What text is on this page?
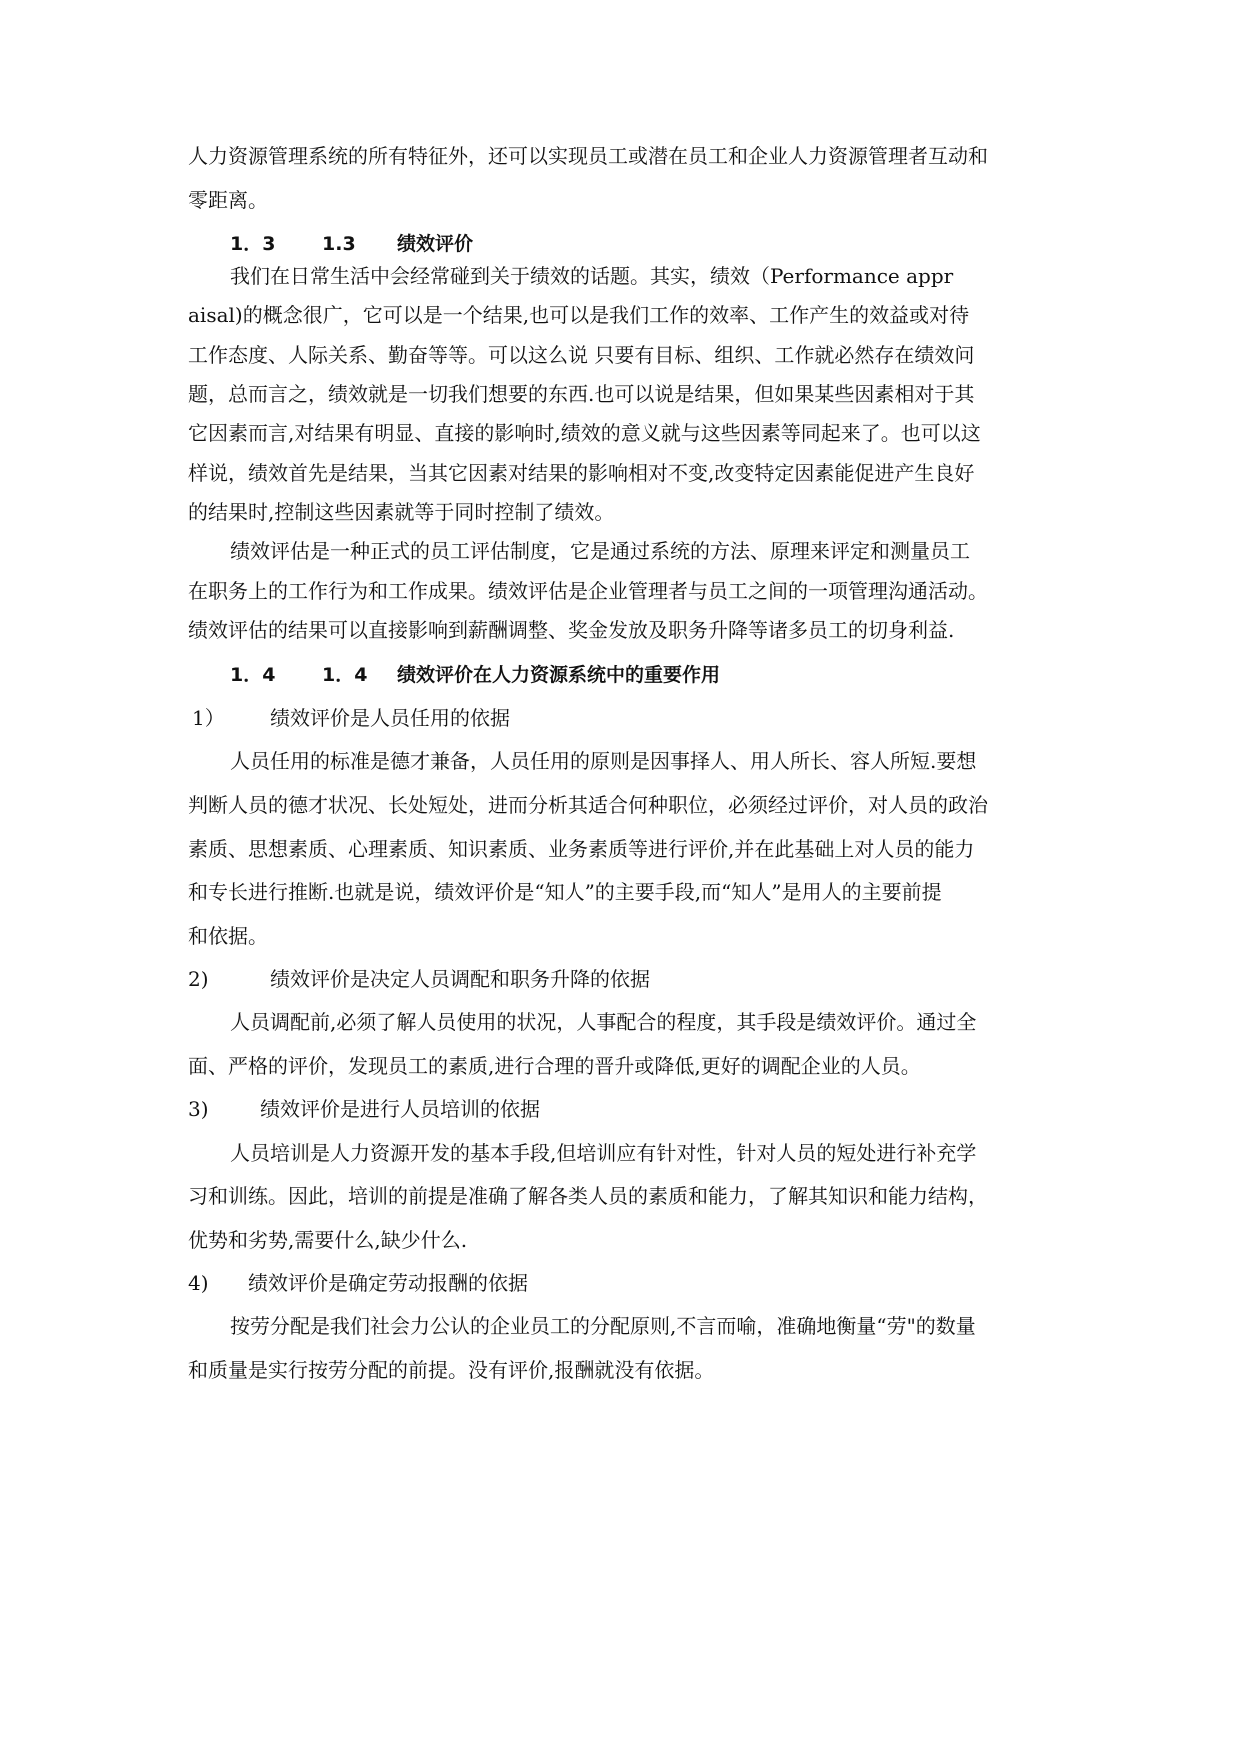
人力资源管理系统的所有特征外，还可以实现员工或潜在员工和企业人力资源管理者互动和
零距离。
1．3 1.3 绩效评价
我们在日常生活中会经常碰到关于绩效的话题。其实，绩效（Performance appr
aisal)的概念很广，它可以是一个结果,也可以是我们工作的效率、工作产生的效益或对待
工作态度、人际关系、勤奋等等。可以这么说 只要有目标、组织、工作就必然存在绩效问
题，总而言之，绩效就是一切我们想要的东西.也可以说是结果，但如果某些因素相对于其
它因素而言,对结果有明显、直接的影响时,绩效的意义就与这些因素等同起来了。也可以这
样说，绩效首先是结果，当其它因素对结果的影响相对不变,改变特定因素能促进产生良好
的结果时,控制这些因素就等于同时控制了绩效。
绩效评估是一种正式的员工评估制度，它是通过系统的方法、原理来评定和测量员工
在职务上的工作行为和工作成果。绩效评估是企业管理者与员工之间的一项管理沟通活动。
绩效评估的结果可以直接影响到薪酬调整、奖金发放及职务升降等诸多员工的切身利益.
1．4 1．4 绩效评价在人力资源系统中的重要作用
1） 绩效评价是人员任用的依据
人员任用的标准是德才兼备，人员任用的原则是因事择人、用人所长、容人所短.要想
判断人员的德才状况、长处短处，进而分析其适合何种职位，必须经过评价，对人员的政治
素质、思想素质、心理素质、知识素质、业务素质等进行评价,并在此基础上对人员的能力
和专长进行推断.也就是说，绩效评价是“知人”的主要手段,而“知人”是用人的主要前提
和依据。
2)	绩效评价是决定人员调配和职务升降的依据
人员调配前,必须了解人员使用的状况，人事配合的程度，其手段是绩效评价。通过全
面、严格的评价，发现员工的素质,进行合理的晋升或降低,更好的调配企业的人员。
3)	绩效评价是进行人员培训的依据
人员培训是人力资源开发的基本手段,但培训应有针对性，针对人员的短处进行补充学
习和训练。因此，培训的前提是准确了解各类人员的素质和能力，了解其知识和能力结构，
优势和劣势,需要什么,缺少什么.
4) 绩效评价是确定劳动报酬的依据
按劳分配是我们社会力公认的企业员工的分配原则,不言而喻，准确地衡量“劳"的数量
和质量是实行按劳分配的前提。没有评价,报酬就没有依据。
